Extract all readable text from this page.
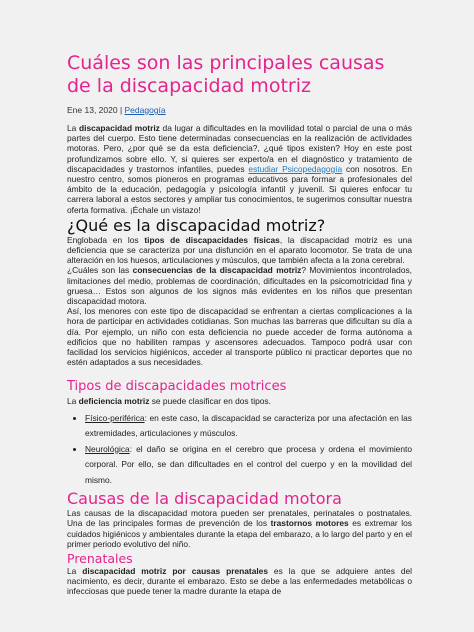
Cuáles son las principales causas de la discapacidad motriz
Ene 13, 2020 | Pedagogía

La discapacidad motriz da lugar a dificultades en la movilidad total o parcial de una o más partes del cuerpo. Esto tiene determinadas consecuencias en la realización de actividades motoras. Pero, ¿por qué se da esta deficiencia?, ¿qué tipos existen? Hoy en este post profundizamos sobre ello. Y, si quieres ser experto/a en el diagnóstico y tratamiento de discapacidades y trastornos infantiles, puedes estudiar Psicopedagogía con nosotros. En nuestro centro, somos pioneros en programas educativos para formar a profesionales del ámbito de la educación, pedagogía y psicología infantil y juvenil. Si quieres enfocar tu carrera laboral a estos sectores y ampliar tus conocimientos, te sugerimos consultar nuestra oferta formativa. ¡Échale un vistazo!

¿Qué es la discapacidad motriz?

Englobada en los tipos de discapacidades físicas, la discapacidad motriz es una deficiencia que se caracteriza por una disfunción en el aparato locomotor. Se trata de una alteración en los huesos, articulaciones y músculos, que también afecta a la zona cerebral.

¿Cuáles son las consecuencias de la discapacidad motriz? Movimientos incontrolados, limitaciones del medio, problemas de coordinación, dificultades en la psicomotricidad fina y gruesa… Estos son algunos de los signos más evidentes en los niños que presentan discapacidad motora.

Así, los menores con este tipo de discapacidad se enfrentan a ciertas complicaciones a la hora de participar en actividades cotidianas. Son muchas las barreras que dificultan su día a día. Por ejemplo, un niño con esta deficiencia no puede acceder de forma autónoma a edificios que no habiliten rampas y ascensores adecuados. Tampoco podrá usar con facilidad los servicios higiénicos, acceder al transporte público ni practicar deportes que no estén adaptados a sus necesidades.

Tipos de discapacidades motrices

La deficiencia motriz se puede clasificar en dos tipos.

• Físico-periférica: en este caso, la discapacidad se caracteriza por una afectación en las extremidades, articulaciones y músculos.
• Neurológica: el daño se origina en el cerebro que procesa y ordena el movimiento corporal. Por ello, se dan dificultades en el control del cuerpo y en la movilidad del mismo.
Causas de la discapacidad motora

Las causas de la discapacidad motora pueden ser prenatales, perinatales o postnatales. Una de las principales formas de prevención de los trastornos motores es extremar los cuidados higiénicos y ambientales durante la etapa del embarazo, a lo largo del parto y en el primer periodo evolutivo del niño.

Prenatales

La discapacidad motriz por causas prenatales es la que se adquiere antes del nacimiento, es decir, durante el embarazo. Esto se debe a las enfermedades metabólicas o infecciosas que puede tener la madre durante la etapa de
